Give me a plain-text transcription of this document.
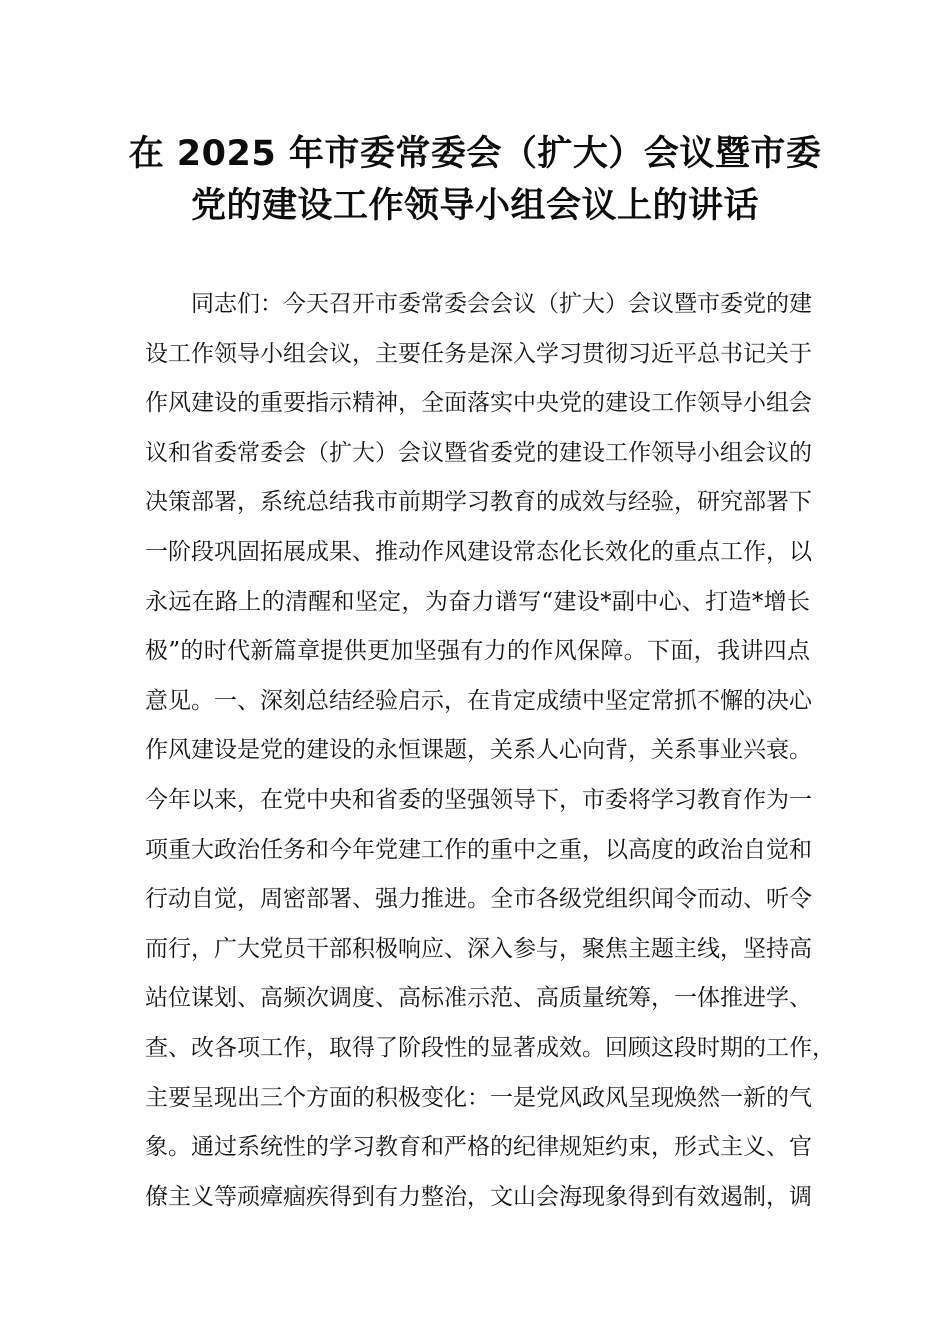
在 2025 年市委常委会（扩大）会议暨市委
党的建设工作领导小组会议上的讲话
同志们：今天召开市委常委会会议（扩大）会议暨市委党的建
设工作领导小组会议，主要任务是深入学习贯彻习近平总书记关于
作风建设的重要指示精神，全面落实中央党的建设工作领导小组会
议和省委常委会（扩大）会议暨省委党的建设工作领导小组会议的
决策部署，系统总结我市前期学习教育的成效与经验，研究部署下
一阶段巩固拓展成果、推动作风建设常态化长效化的重点工作，以
永远在路上的清醒和坚定，为奋力谱写“建设*副中心、打造*增长
极”的时代新篇章提供更加坚强有力的作风保障。下面，我讲四点
意见。一、深刻总结经验启示，在肯定成绩中坚定常抓不懈的决心
作风建设是党的建设的永恒课题，关系人心向背，关系事业兴衰。
今年以来，在党中央和省委的坚强领导下，市委将学习教育作为一
项重大政治任务和今年党建工作的重中之重，以高度的政治自觉和
行动自觉，周密部署、强力推进。全市各级党组织闻令而动、听令
而行，广大党员干部积极响应、深入参与，聚焦主题主线，坚持高
站位谋划、高频次调度、高标准示范、高质量统筹，一体推进学、
查、改各项工作，取得了阶段性的显著成效。回顾这段时期的工作，
主要呈现出三个方面的积极变化：一是党风政风呈现焕然一新的气
象。通过系统性的学习教育和严格的纪律规矩约束，形式主义、官
僚主义等顽瘴痼疾得到有力整治，文山会海现象得到有效遏制，调
